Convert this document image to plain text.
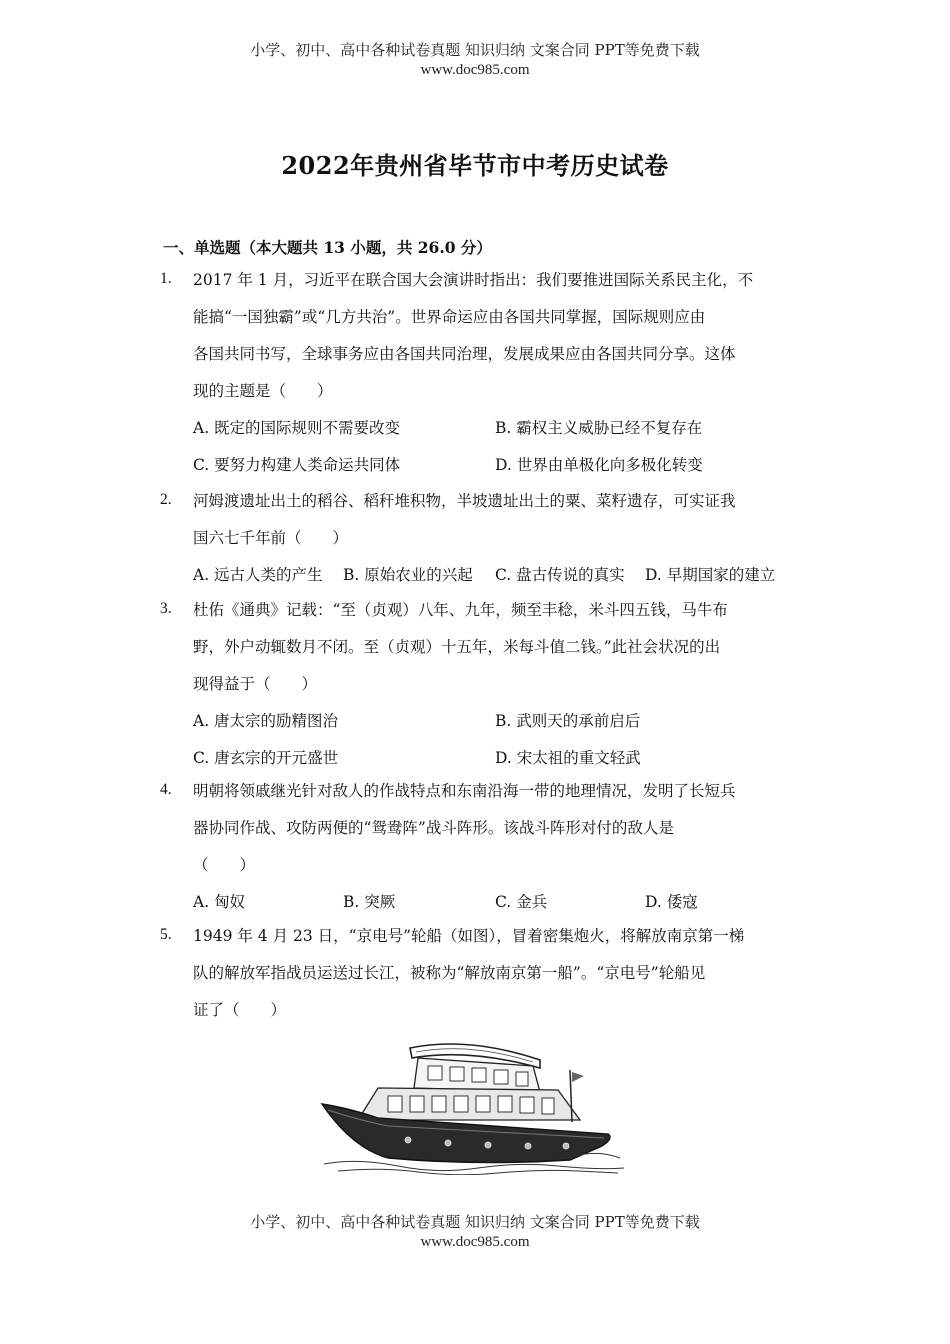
小学、初中、高中各种试卷真题 知识归纳 文案合同 PPT等免费下载
www.doc985.com
2022年贵州省毕节市中考历史试卷
一、单选题（本大题共 13 小题，共 26.0 分）
1. 2017 年 1 月，习近平在联合国大会演讲时指出：我们要推进国际关系民主化，不
能搞“一国独霸”或“几方共治”。世界命运应由各国共同掌握，国际规则应由
各国共同书写，全球事务应由各国共同治理，发展成果应由各国共同分享。这体
现的主题是（　　）
A. 既定的国际规则不需要改变	B. 霸权主义威胁已经不复存在
C. 要努力构建人类命运共同体	D. 世界由单极化向多极化转变
2. 河姆渡遗址出土的稻谷、稻秆堆积物，半坡遗址出土的粟、菜籽遗存，可实证我
国六七千年前（　　）
A. 远古人类的产生 B. 原始农业的兴起 C. 盘古传说的真实 D. 早期国家的建立
3. 杜佑《通典》记载：“至（贞观）八年、九年，频至丰稔，米斗四五钱，马牛布
野，外户动辄数月不闭。至（贞观）十五年，米每斗值二钱。”此社会状况的出
现得益于（　　）
A. 唐太宗的励精图治	B. 武则天的承前启后
C. 唐玄宗的开元盛世	D. 宋太祖的重文轻武
4. 明朝将领戚继光针对敌人的作战特点和东南沿海一带的地理情况，发明了长短兵
器协同作战、攻防两便的“鸳鸯阵”战斗阵形。该战斗阵形对付的敌人是
（　　）
A. 匈奴	B. 突厥	C. 金兵	D. 倭寇
5. 1949 年 4 月 23 日，“京电号”轮船（如图），冒着密集炮火，将解放南京第一梯
队的解放军指战员运送过长江，被称为“解放南京第一船”。“京电号”轮船见
证了（　　）
小学、初中、高中各种试卷真题 知识归纳 文案合同 PPT等免费下载
www.doc985.com
